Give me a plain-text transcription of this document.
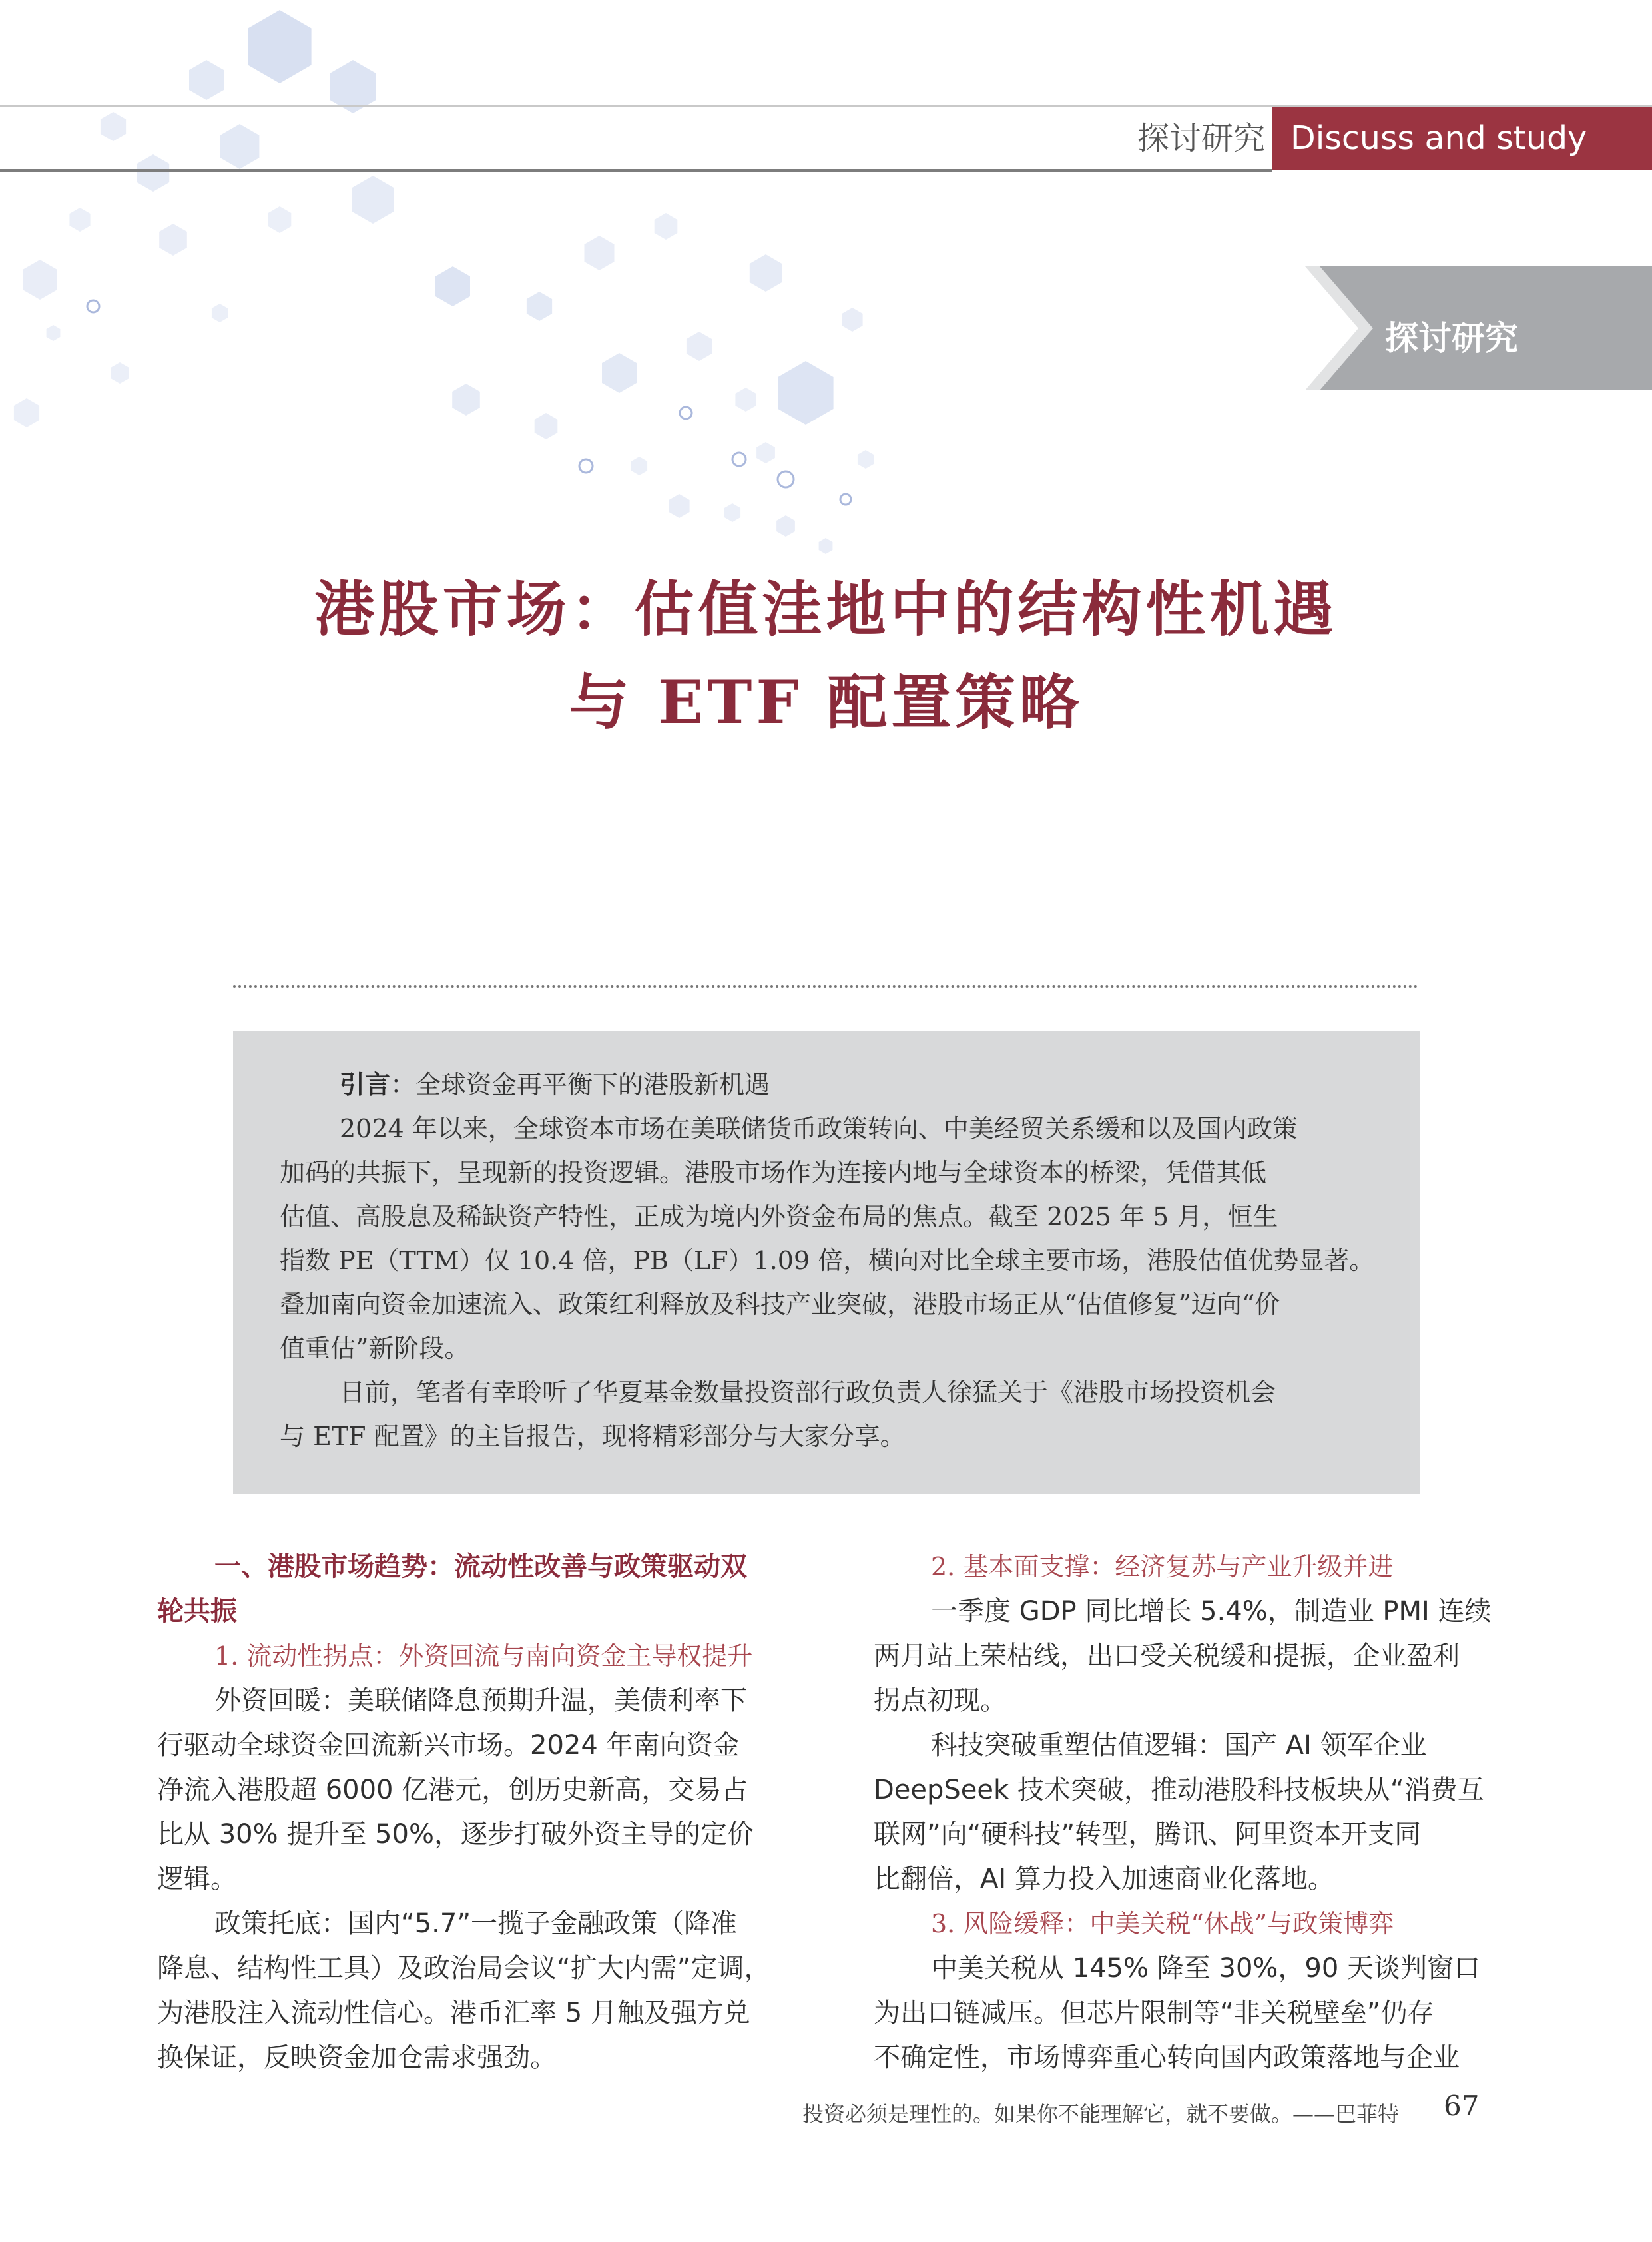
探讨研究 Discuss and study
探讨研究
港股市场：估值洼地中的结构性机遇
与 ETF 配置策略

引言：全球资金再平衡下的港股新机遇

2024 年以来，全球资本市场在美联储货币政策转向、中美经贸关系缓和以及国内政策

加码的共振下，呈现新的投资逻辑。港股市场作为连接内地与全球资本的桥梁，凭借其低

估值、高股息及稀缺资产特性，正成为境内外资金布局的焦点。截至 2025 年 5 月，恒生

指数 PE（TTM）仅 10.4 倍，PB（LF）1.09 倍，横向对比全球主要市场，港股估值优势显著。

叠加南向资金加速流入、政策红利释放及科技产业突破，港股市场正从“估值修复”迈向“价

值重估”新阶段。

日前，笔者有幸聆听了华夏基金数量投资部行政负责人徐猛关于《港股市场投资机会

与 ETF 配置》的主旨报告，现将精彩部分与大家分享。

一、港股市场趋势：流动性改善与政策驱动双

轮共振

1. 流动性拐点：外资回流与南向资金主导权提升

外资回暖：美联储降息预期升温，美债利率下

行驱动全球资金回流新兴市场。2024 年南向资金

净流入港股超 6000 亿港元，创历史新高，交易占

比从 30% 提升至 50%，逐步打破外资主导的定价

逻辑。

政策托底：国内“5.7”一揽子金融政策（降准

降息、结构性工具）及政治局会议“扩大内需”定调，

为港股注入流动性信心。港币汇率 5 月触及强方兑

换保证，反映资金加仓需求强劲。

2. 基本面支撑：经济复苏与产业升级并进

一季度 GDP 同比增长 5.4%，制造业 PMI 连续

两月站上荣枯线，出口受关税缓和提振，企业盈利

拐点初现。

科技突破重塑估值逻辑：国产 AI 领军企业

DeepSeek 技术突破，推动港股科技板块从“消费互

联网”向“硬科技”转型，腾讯、阿里资本开支同

比翻倍，AI 算力投入加速商业化落地。

3. 风险缓释：中美关税“休战”与政策博弈

中美关税从 145% 降至 30%，90 天谈判窗口

为出口链减压。但芯片限制等“非关税壁垒”仍存

不确定性，市场博弈重心转向国内政策落地与企业

投资必须是理性的。如果你不能理解它，就不要做。——巴菲特 67
